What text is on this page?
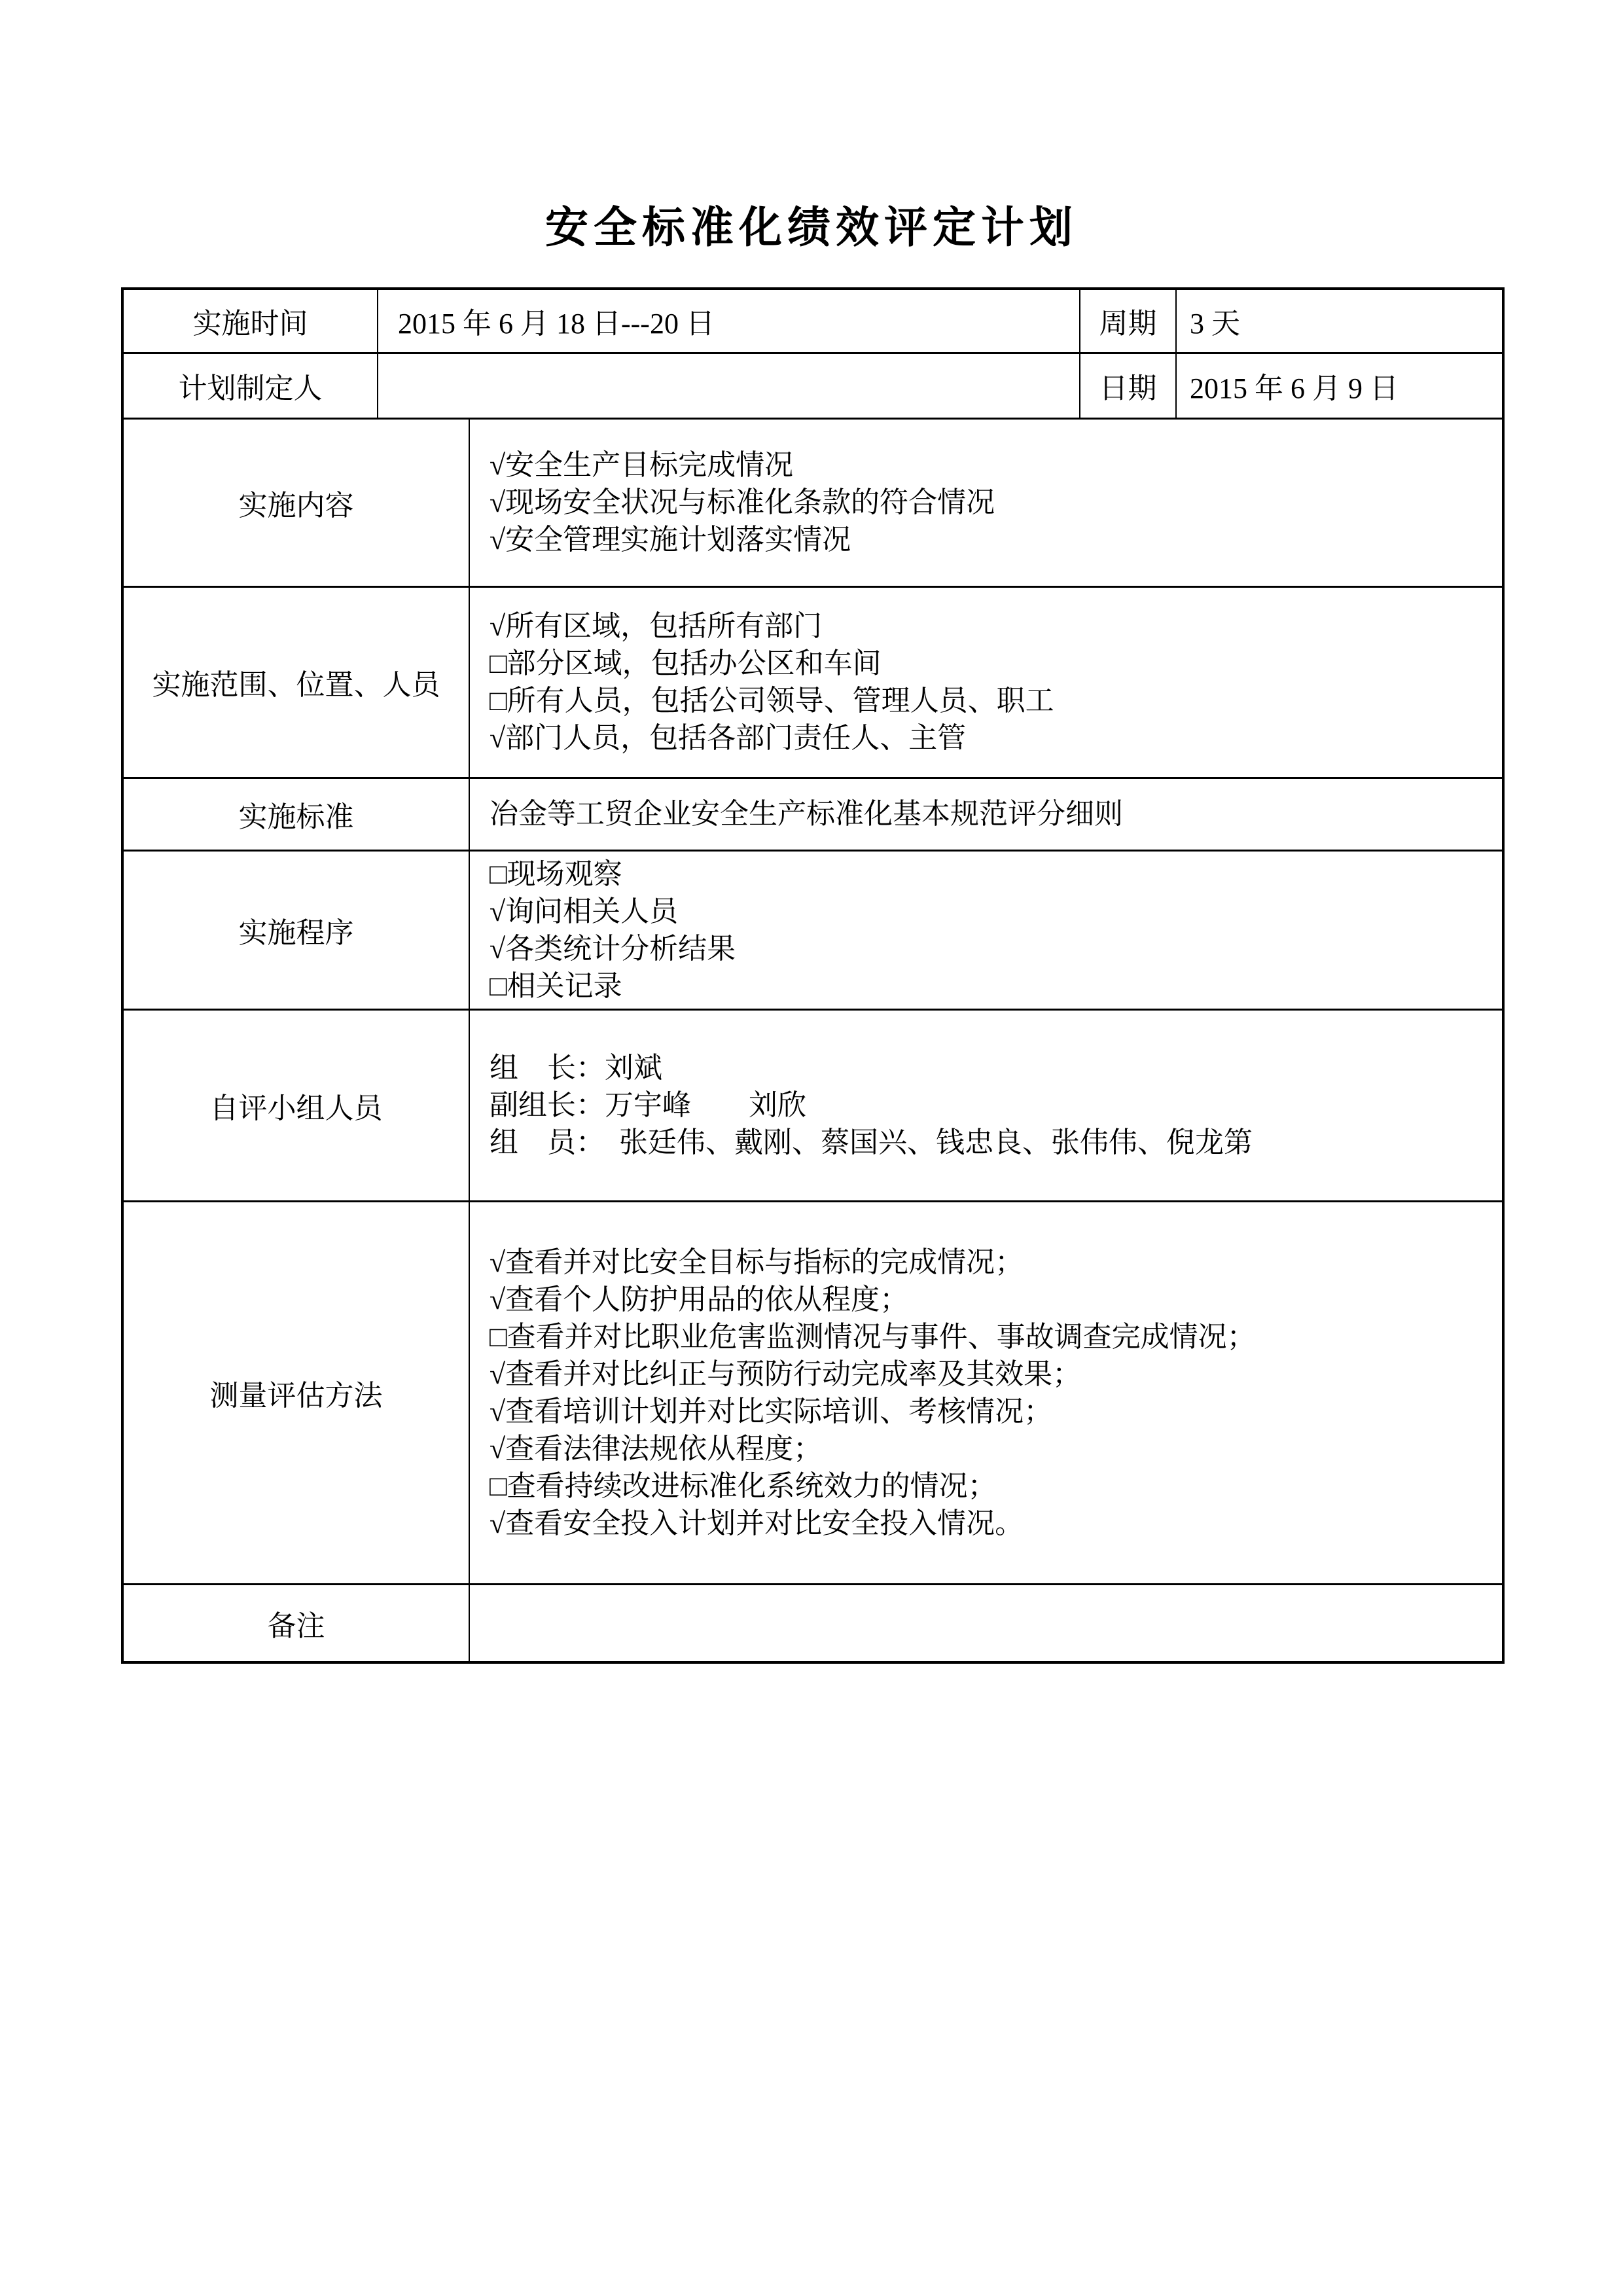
安全标准化绩效评定计划
实施时间	2015 年 6 月 18 日---20 日		周期	3 天
计划制定人			日期	2015 年 6 月 9 日
实施内容		√安全生产目标完成情况
√现场安全状况与标准化条款的符合情况
√安全管理实施计划落实情况		

实施范围、位置、人员		√所有区域，包括所有部门
□部分区域，包括办公区和车间
□所有人员，包括公司领导、管理人员、职工
√部门人员，包括各部门责任人、主管		

实施标准		冶金等工贸企业安全生产标准化基本规范评分细则		

实施程序		□现场观察
√询问相关人员
√各类统计分析结果
□相关记录		

自评小组人员		组　长：刘斌
副组长：万宇峰　　刘欣
组　员：　张廷伟、戴刚、蔡国兴、钱忠良、张伟伟、倪龙第		

测量评估方法	
√查看并对比安全目标与指标的完成情况；
√查看个人防护用品的依从程度；
□查看并对比职业危害监测情况与事件、事故调查完成情况；
√查看并对比纠正与预防行动完成率及其效果；
√查看培训计划并对比实际培训、考核情况；
√查看法律法规依从程度；
□查看持续改进标准化系统效力的情况；
√查看安全投入计划并对比安全投入情况。

备注				
